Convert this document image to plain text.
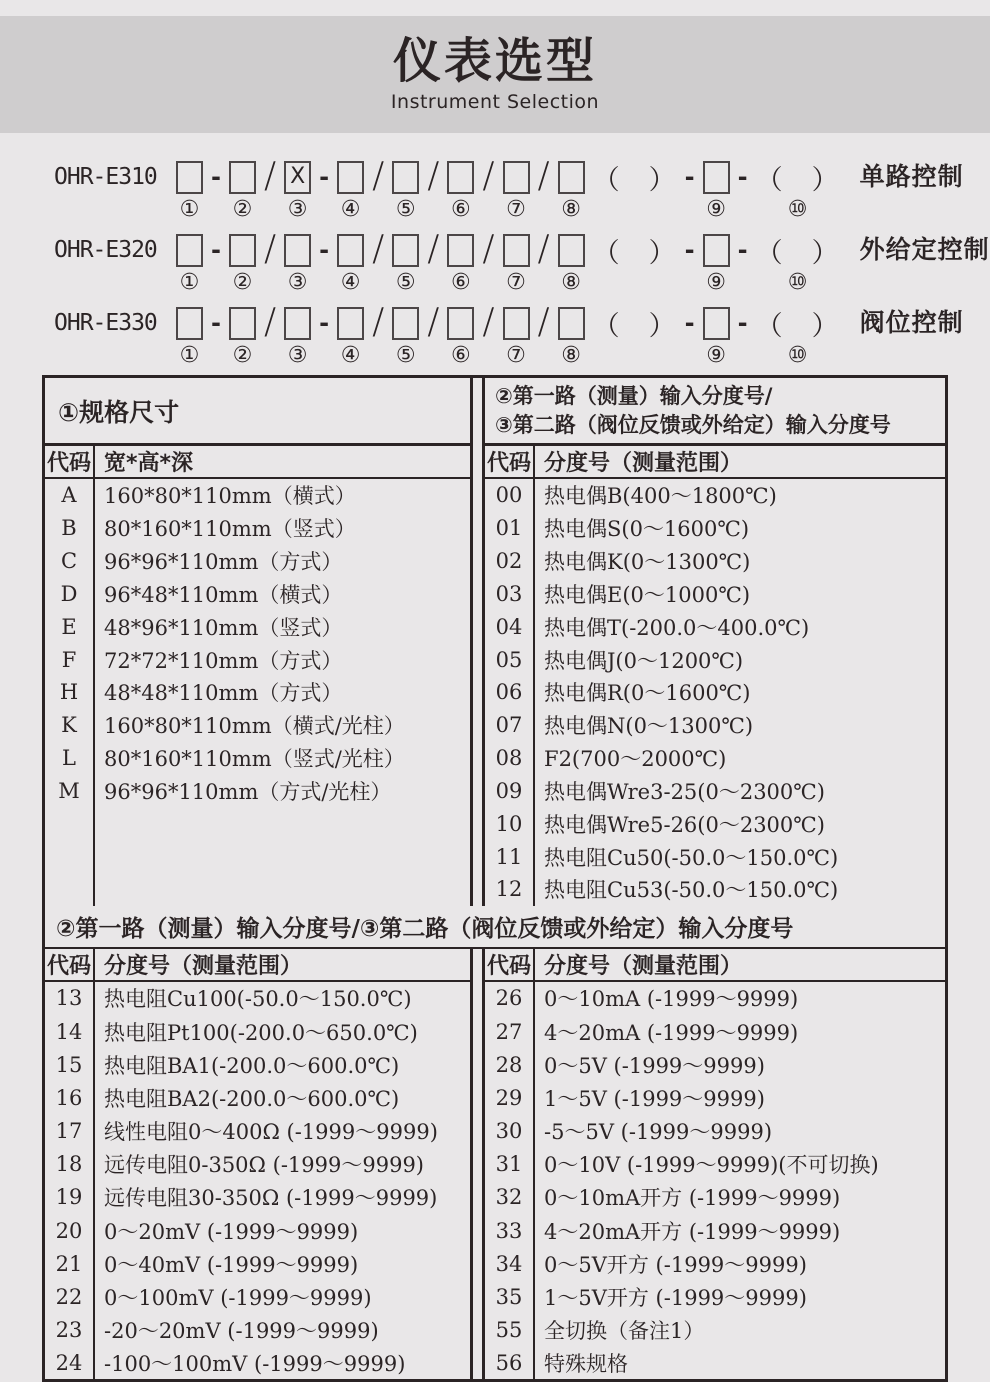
仪表选型
Instrument Selection
OHR-E310
①
-
②
/ X
③
-
④
/
⑤
/
⑥
/
⑦
/
⑧
（　） -
⑨
- （　）
⑩
单路控制
OHR-E320
①
-
②
/
③
-
④
/
⑤
/
⑥
/
⑦
/
⑧
（　） -
⑨
- （　）
⑩
外给定控制
OHR-E330
①
-
②
/
③
-
④
/
⑤
/
⑥
/
⑦
/
⑧
（　） -
⑨
- （　）
⑩
阀位控制
①规格尺寸
代码 宽*高*深
A	160*80*110mm（横式）
B	80*160*110mm（竖式）
C	96*96*110mm（方式）
D	96*48*110mm（横式）
E	48*96*110mm（竖式）
F	72*72*110mm（方式）
H	48*48*110mm（方式）
K	160*80*110mm（横式/光柱）
L	80*160*110mm（竖式/光柱）
M	96*96*110mm（方式/光柱）
②第一路（测量）输入分度号/
③第二路（阀位反馈或外给定）输入分度号
代码 分度号（测量范围）
00	热电偶B(400～1800℃)
01	热电偶S(0～1600℃)
02	热电偶K(0～1300℃)
03	热电偶E(0～1000℃)
04	热电偶T(-200.0～400.0℃)
05	热电偶J(0～1200℃)
06	热电偶R(0～1600℃)
07	热电偶N(0～1300℃)
08	F2(700～2000℃)
09	热电偶Wre3-25(0～2300℃)
10	热电偶Wre5-26(0～2300℃)
11	热电阻Cu50(-50.0～150.0℃)
12	热电阻Cu53(-50.0～150.0℃)
②第一路（测量）输入分度号/③第二路（阀位反馈或外给定）输入分度号
代码 分度号（测量范围）
13	热电阻Cu100(-50.0～150.0℃)
14	热电阻Pt100(-200.0～650.0℃)
15	热电阻BA1(-200.0～600.0℃)
16	热电阻BA2(-200.0～600.0℃)
17	线性电阻0～400Ω (-1999～9999)
18	远传电阻0-350Ω (-1999～9999)
19	远传电阻30-350Ω (-1999～9999)
20	0～20mV (-1999～9999)
21	0～40mV (-1999～9999)
22	0～100mV (-1999～9999)
23	-20～20mV (-1999～9999)
24	-100～100mV (-1999～9999)
代码 分度号（测量范围）
26	0～10mA (-1999～9999)
27	4～20mA (-1999～9999)
28	0～5V (-1999～9999)
29	1～5V (-1999～9999)
30	-5～5V (-1999～9999)
31	0～10V (-1999～9999)(不可切换)
32	0～10mA开方 (-1999～9999)
33	4～20mA开方 (-1999～9999)
34	0～5V开方 (-1999～9999)
35	1～5V开方 (-1999～9999)
55	全切换（备注1）
56	特殊规格
